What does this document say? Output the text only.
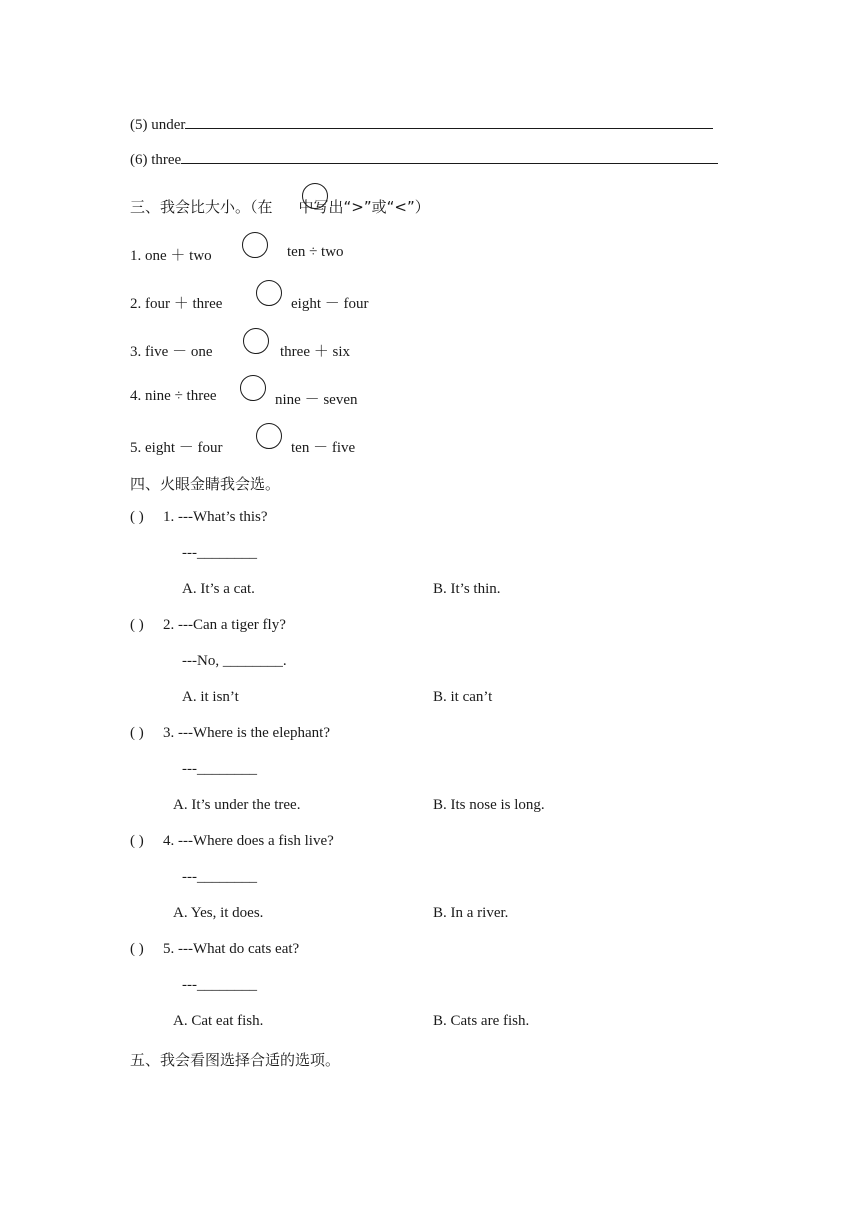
(5) under
(6) three
三、我会比大小。（在 中写出“>”或“<”）
1. one ＋ two	ten ÷ two
2. four ＋ three	eight － four
3. five － one	three ＋ six
4. nine ÷ three	nine － seven
5. eight － four	ten － five
四、火眼金睛我会选。
( ) 1. ---What’s this?
---________
A. It’s a cat.	B. It’s thin.
( ) 2. ---Can a tiger fly?
---No, ________.
A. it isn’t	B. it can’t
( ) 3. ---Where is the elephant?
---________
A. It’s under the tree.	B. Its nose is long.
( ) 4. ---Where does a fish live?
---________
A. Yes, it does.	B. In a river.
( ) 5. ---What do cats eat?
---________
A. Cat eat fish.	B. Cats are fish.
五、我会看图选择合适的选项。
